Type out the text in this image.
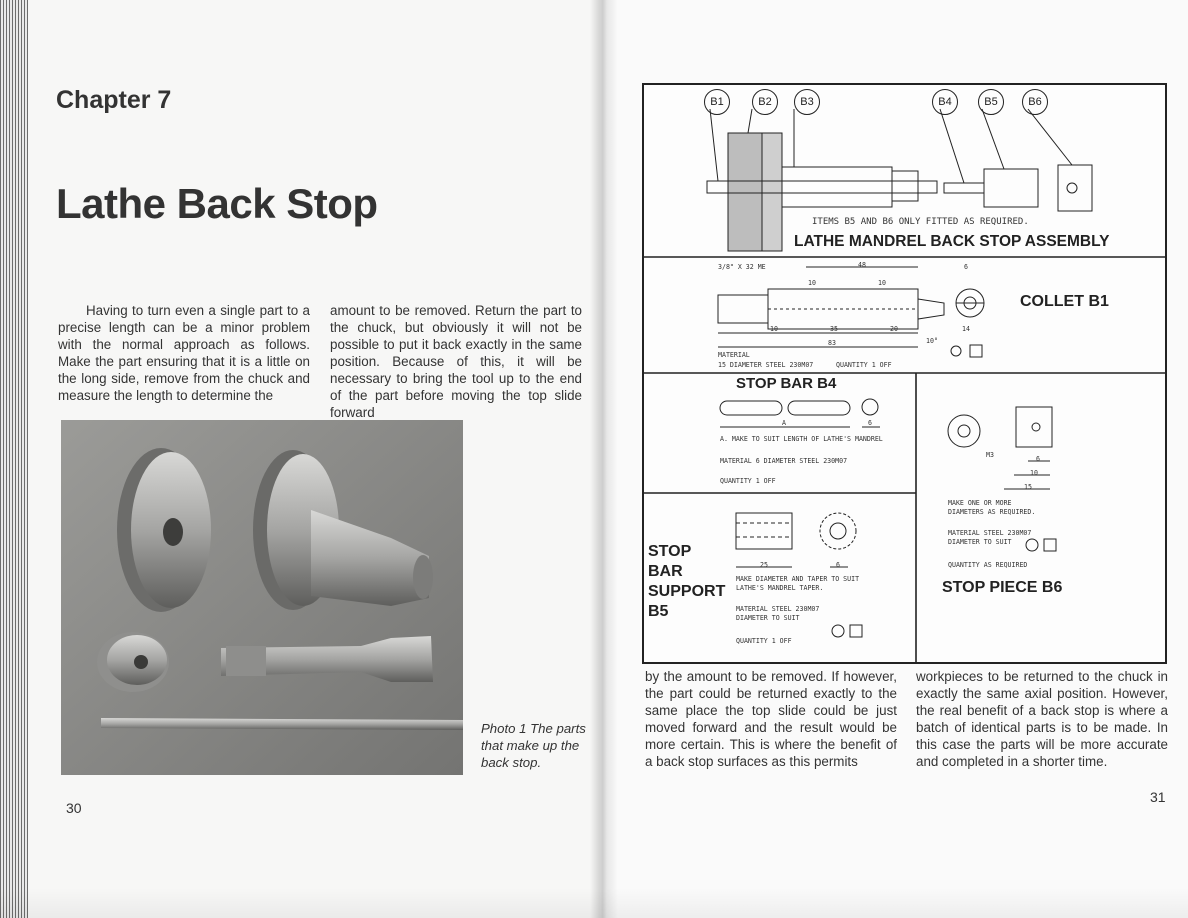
Chapter 7
Lathe Back Stop
Having to turn even a single part to a precise length can be a minor problem with the normal approach as follows. Make the part ensuring that it is a little on the long side, remove from the chuck and measure the length to determine the
amount to be removed. Return the part to the chuck, but obviously it will not be possible to put it back exactly in the same position. Because of this, it will be necessary to bring the tool up to the end of the part before moving the top slide forward
Photo 1 The parts that make up the back stop.
30
B1	B2	B3	B4	B5	B6
ITEMS B5 AND B6 ONLY FITTED AS REQUIRED.
LATHE MANDREL BACK STOP ASSEMBLY
COLLET B1
3/8" X 32 ME	48
10	35	20
83
6
14
10°
10	10
MATERIAL
15 DIAMETER STEEL 230M07	QUANTITY 1 OFF
STOP BAR B4
A	6
A. MAKE TO SUIT LENGTH OF LATHE'S MANDREL
MATERIAL 6 DIAMETER STEEL 230M07
QUANTITY 1 OFF
STOP
BAR
SUPPORT
B5
25	6
MAKE DIAMETER AND TAPER TO SUIT
LATHE'S MANDREL TAPER.
MATERIAL STEEL 230M07
DIAMETER TO SUIT
QUANTITY 1 OFF
M3	6
10
15
MAKE ONE OR MORE
DIAMETERS AS REQUIRED.
MATERIAL STEEL 230M07
DIAMETER TO SUIT
QUANTITY AS REQUIRED
STOP PIECE B6
by the amount to be removed. If however, the part could be returned exactly to the same place the top slide could be just moved forward and the result would be more certain. This is where the benefit of a back stop surfaces as this permits
workpieces to be returned to the chuck in exactly the same axial position. However, the real benefit of a back stop is where a batch of identical parts is to be made. In this case the parts will be more accurate and completed in a shorter time.
31
